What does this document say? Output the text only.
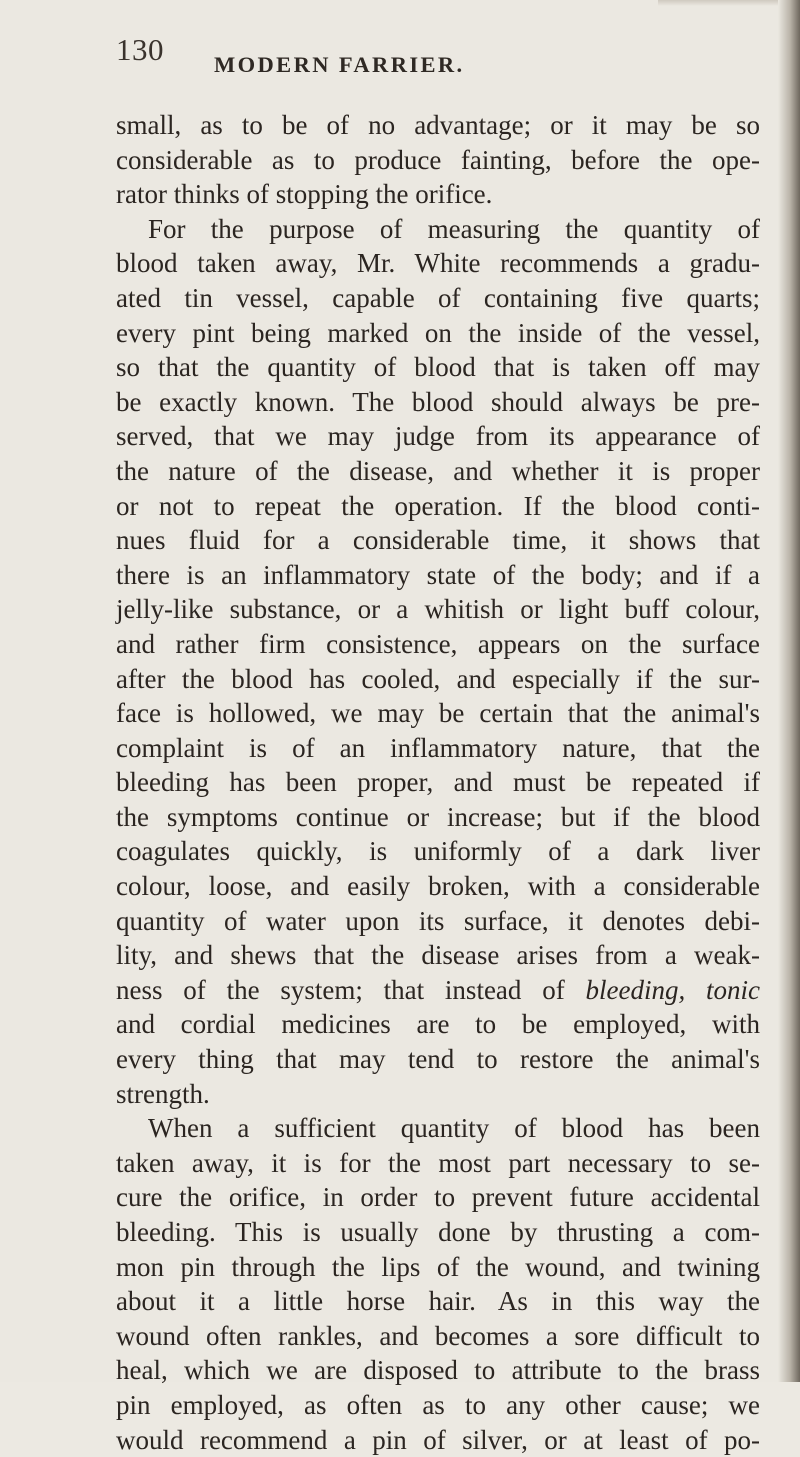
130 MODERN FARRIER.
small, as to be of no advantage; or it may be so
considerable as to produce fainting, before the ope-
rator thinks of stopping the orifice.
For the purpose of measuring the quantity of
blood taken away, Mr. White recommends a gradu-
ated tin vessel, capable of containing five quarts;
every pint being marked on the inside of the vessel,
so that the quantity of blood that is taken off may
be exactly known. The blood should always be pre-
served, that we may judge from its appearance of
the nature of the disease, and whether it is proper
or not to repeat the operation. If the blood conti-
nues fluid for a considerable time, it shows that
there is an inflammatory state of the body; and if a
jelly-like substance, or a whitish or light buff colour,
and rather firm consistence, appears on the surface
after the blood has cooled, and especially if the sur-
face is hollowed, we may be certain that the animal's
complaint is of an inflammatory nature, that the
bleeding has been proper, and must be repeated if
the symptoms continue or increase; but if the blood
coagulates quickly, is uniformly of a dark liver
colour, loose, and easily broken, with a considerable
quantity of water upon its surface, it denotes debi-
lity, and shews that the disease arises from a weak-
ness of the system; that instead of bleeding, tonic
and cordial medicines are to be employed, with
every thing that may tend to restore the animal's
strength.
When a sufficient quantity of blood has been
taken away, it is for the most part necessary to se-
cure the orifice, in order to prevent future accidental
bleeding. This is usually done by thrusting a com-
mon pin through the lips of the wound, and twining
about it a little horse hair. As in this way the
wound often rankles, and becomes a sore difficult to
heal, which we are disposed to attribute to the brass
pin employed, as often as to any other cause; we
would recommend a pin of silver, or at least of po-
